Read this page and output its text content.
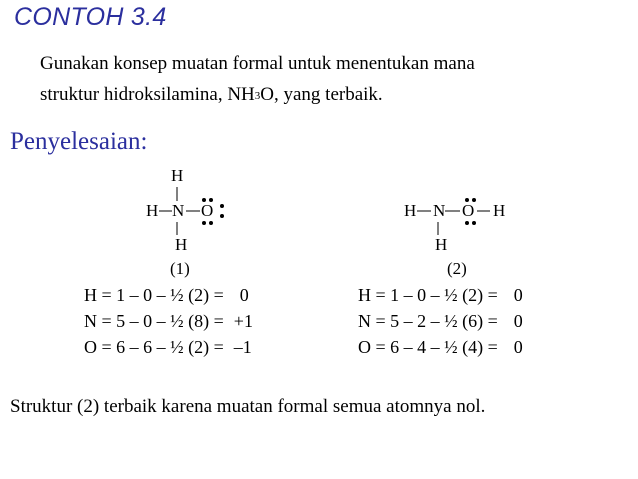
CONTOH 3.4
Gunakan konsep muatan formal untuk menentukan mana
struktur hidroksilamina, $NH_3O$, yang terbaik.
Penyelesaian:
H
H N O
H
(1)
H N O H
H
(2)
H = 1 – 0 – ½ (2) = 0
N = 5 – 0 – ½ (8) = +1
O = 6 – 6 – ½ (2) = –1
H = 1 – 0 – ½ (2) = 0
N = 5 – 2 – ½ (6) = 0
O = 6 – 4 – ½ (4) = 0
Struktur (2) terbaik karena muatan formal semua atomnya nol.
